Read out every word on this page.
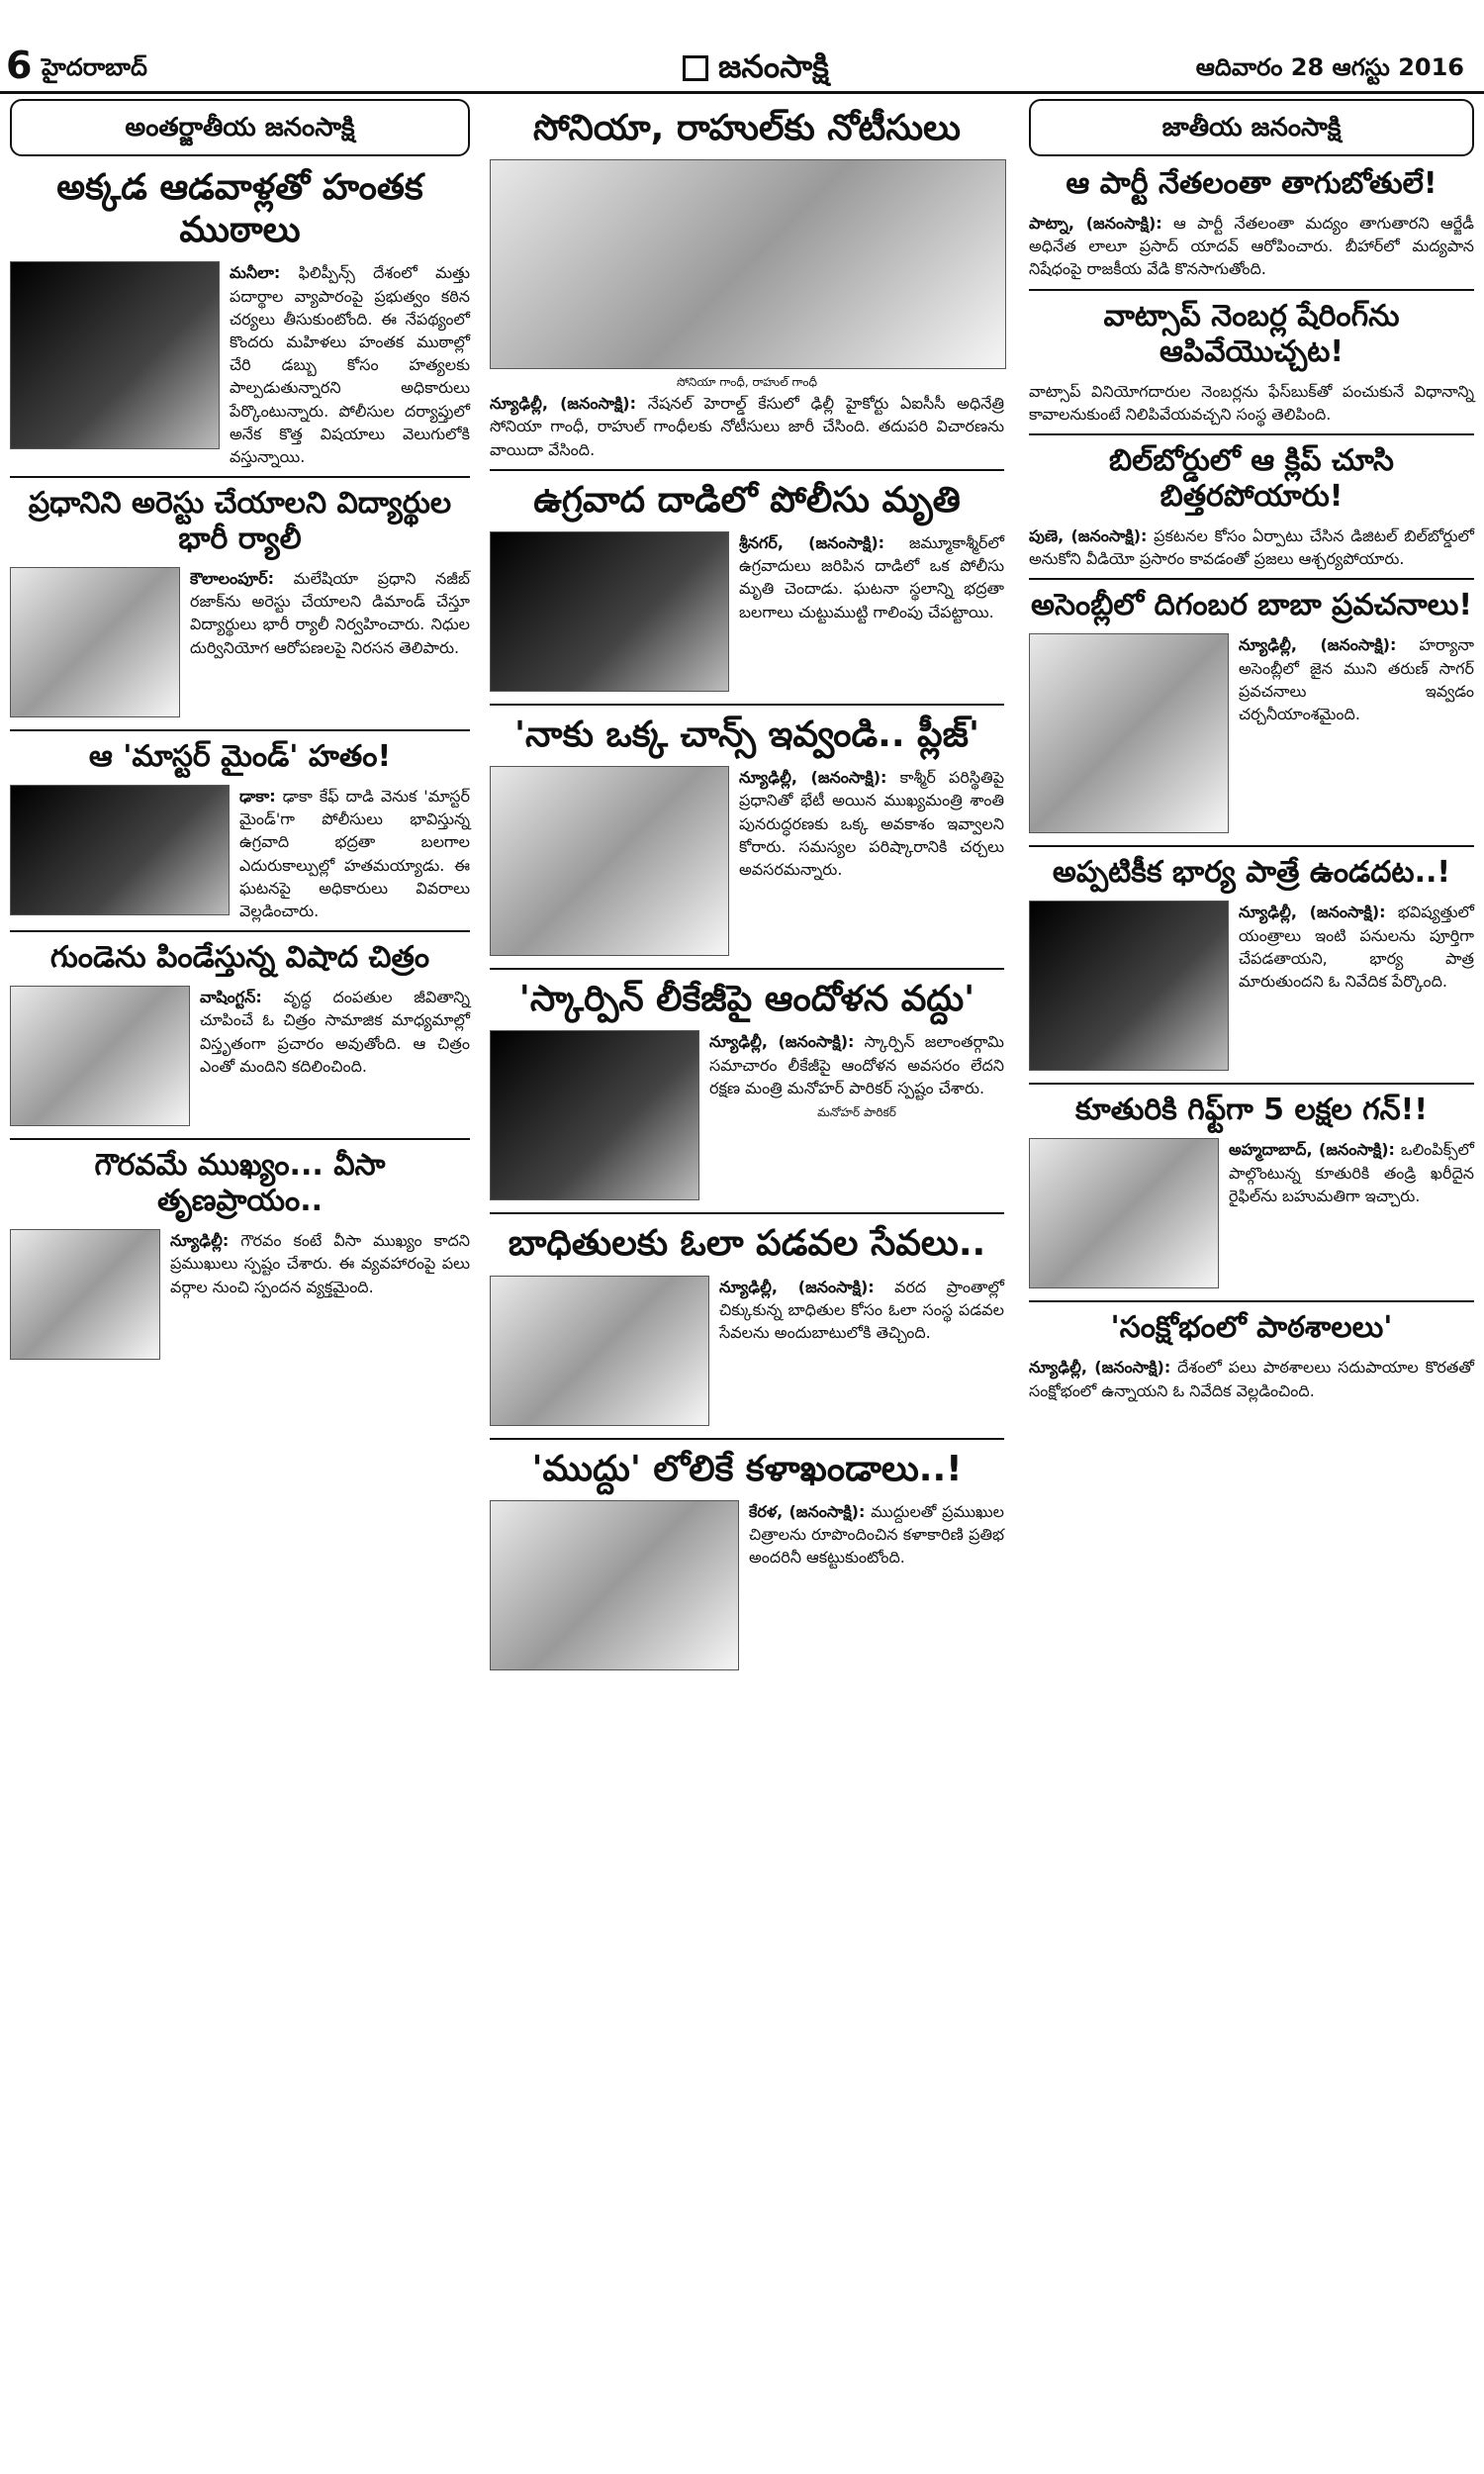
6 హైదరాబాద్	జనంసాక్షి	ఆదివారం 28 ఆగస్టు 2016
అంతర్జాతీయ జనంసాక్షి
అక్కడ ఆడవాళ్లతో హంతక ముఠాలు

మనీలా: ఫిలిప్పీన్స్ దేశంలో మత్తు పదార్థాల వ్యాపారంపై ప్రభుత్వం కఠిన చర్యలు తీసుకుంటోంది. ఈ నేపథ్యంలో కొందరు మహిళలు హంతక ముఠాల్లో చేరి డబ్బు కోసం హత్యలకు పాల్పడుతున్నారని అధికారులు పేర్కొంటున్నారు. పోలీసుల దర్యాప్తులో అనేక కొత్త విషయాలు వెలుగులోకి వస్తున్నాయి.

ప్రధానిని అరెస్టు చేయాలని విద్యార్థుల భారీ ర్యాలీ

కౌలాలంపూర్: మలేషియా ప్రధాని నజీబ్ రజాక్‌ను అరెస్టు చేయాలని డిమాండ్ చేస్తూ విద్యార్థులు భారీ ర్యాలీ నిర్వహించారు. నిధుల దుర్వినియోగ ఆరోపణలపై నిరసన తెలిపారు.

ఆ 'మాస్టర్ మైండ్' హతం!

ఢాకా: ఢాకా కేఫ్ దాడి వెనుక 'మాస్టర్ మైండ్'గా పోలీసులు భావిస్తున్న ఉగ్రవాది భద్రతా బలగాల ఎదురుకాల్పుల్లో హతమయ్యాడు. ఈ ఘటనపై అధికారులు వివరాలు వెల్లడించారు.

గుండెను పిండేస్తున్న విషాద చిత్రం

వాషింగ్టన్: వృద్ధ దంపతుల జీవితాన్ని చూపించే ఓ చిత్రం సామాజిక మాధ్యమాల్లో విస్తృతంగా ప్రచారం అవుతోంది. ఆ చిత్రం ఎంతో మందిని కదిలించింది.

గౌరవమే ముఖ్యం... వీసా తృణప్రాయం..

న్యూఢిల్లీ: గౌరవం కంటే వీసా ముఖ్యం కాదని ప్రముఖులు స్పష్టం చేశారు. ఈ వ్యవహారంపై పలు వర్గాల నుంచి స్పందన వ్యక్తమైంది.

సోనియా, రాహుల్‌కు నోటీసులు
సోనియా గాంధీ, రాహుల్ గాంధీ

న్యూఢిల్లీ, (జనంసాక్షి): నేషనల్ హెరాల్డ్ కేసులో ఢిల్లీ హైకోర్టు ఏఐసీసీ అధినేత్రి సోనియా గాంధీ, రాహుల్ గాంధీలకు నోటీసులు జారీ చేసింది. తదుపరి విచారణను వాయిదా వేసింది.

ఉగ్రవాద దాడిలో పోలీసు మృతి

శ్రీనగర్, (జనంసాక్షి): జమ్మూకాశ్మీర్‌లో ఉగ్రవాదులు జరిపిన దాడిలో ఒక పోలీసు మృతి చెందాడు. ఘటనా స్థలాన్ని భద్రతా బలగాలు చుట్టుముట్టి గాలింపు చేపట్టాయి.

'నాకు ఒక్క చాన్స్ ఇవ్వండి.. ప్లీజ్'

న్యూఢిల్లీ, (జనంసాక్షి): కాశ్మీర్ పరిస్థితిపై ప్రధానితో భేటీ అయిన ముఖ్యమంత్రి శాంతి పునరుద్ధరణకు ఒక్క అవకాశం ఇవ్వాలని కోరారు. సమస్యల పరిష్కారానికి చర్చలు అవసరమన్నారు.

'స్కార్పిన్ లీకేజీపై ఆందోళన వద్దు'

న్యూఢిల్లీ, (జనంసాక్షి): స్కార్పిన్ జలాంతర్గామి సమాచారం లీకేజీపై ఆందోళన అవసరం లేదని రక్షణ మంత్రి మనోహర్ పారికర్ స్పష్టం చేశారు.

మనోహర్ పారికర్
బాధితులకు ఓలా పడవల సేవలు..

న్యూఢిల్లీ, (జనంసాక్షి): వరద ప్రాంతాల్లో చిక్కుకున్న బాధితుల కోసం ఓలా సంస్థ పడవల సేవలను అందుబాటులోకి తెచ్చింది.

'ముద్దు' లోలికే కళాఖండాలు..!

కేరళ, (జనంసాక్షి): ముద్దులతో ప్రముఖుల చిత్రాలను రూపొందించిన కళాకారిణి ప్రతిభ అందరినీ ఆకట్టుకుంటోంది.

జాతీయ జనంసాక్షి
ఆ పార్టీ నేతలంతా తాగుబోతులే!

పాట్నా, (జనంసాక్షి): ఆ పార్టీ నేతలంతా మద్యం తాగుతారని ఆర్జేడీ అధినేత లాలూ ప్రసాద్ యాదవ్ ఆరోపించారు. బీహార్‌లో మద్యపాన నిషేధంపై రాజకీయ వేడి కొనసాగుతోంది.

వాట్సాప్ నెంబర్ల షేరింగ్‌ను ఆపివేయొచ్చట!

వాట్సాప్ వినియోగదారుల నెంబర్లను ఫేస్‌బుక్‌తో పంచుకునే విధానాన్ని కావాలనుకుంటే నిలిపివేయవచ్చని సంస్థ తెలిపింది.

బిల్‌బోర్డులో ఆ క్లిప్ చూసి బిత్తరపోయారు!

పుణె, (జనంసాక్షి): ప్రకటనల కోసం ఏర్పాటు చేసిన డిజిటల్ బిల్‌బోర్డులో అనుకోని వీడియో ప్రసారం కావడంతో ప్రజలు ఆశ్చర్యపోయారు.

అసెంబ్లీలో దిగంబర బాబా ప్రవచనాలు!

న్యూఢిల్లీ, (జనంసాక్షి): హర్యానా అసెంబ్లీలో జైన ముని తరుణ్ సాగర్ ప్రవచనాలు ఇవ్వడం చర్చనీయాంశమైంది.

అప్పటికీక భార్య పాత్రే ఉండదట..!

న్యూఢిల్లీ, (జనంసాక్షి): భవిష్యత్తులో యంత్రాలు ఇంటి పనులను పూర్తిగా చేపడతాయని, భార్య పాత్ర మారుతుందని ఓ నివేదిక పేర్కొంది.

కూతురికి గిఫ్ట్‌గా 5 లక్షల గన్!!

అహ్మదాబాద్, (జనంసాక్షి): ఒలింపిక్స్‌లో పాల్గొంటున్న కూతురికి తండ్రి ఖరీదైన రైఫిల్‌ను బహుమతిగా ఇచ్చారు.

'సంక్షోభంలో పాఠశాలలు'

న్యూఢిల్లీ, (జనంసాక్షి): దేశంలో పలు పాఠశాలలు సదుపాయాల కొరతతో సంక్షోభంలో ఉన్నాయని ఓ నివేదిక వెల్లడించింది.
